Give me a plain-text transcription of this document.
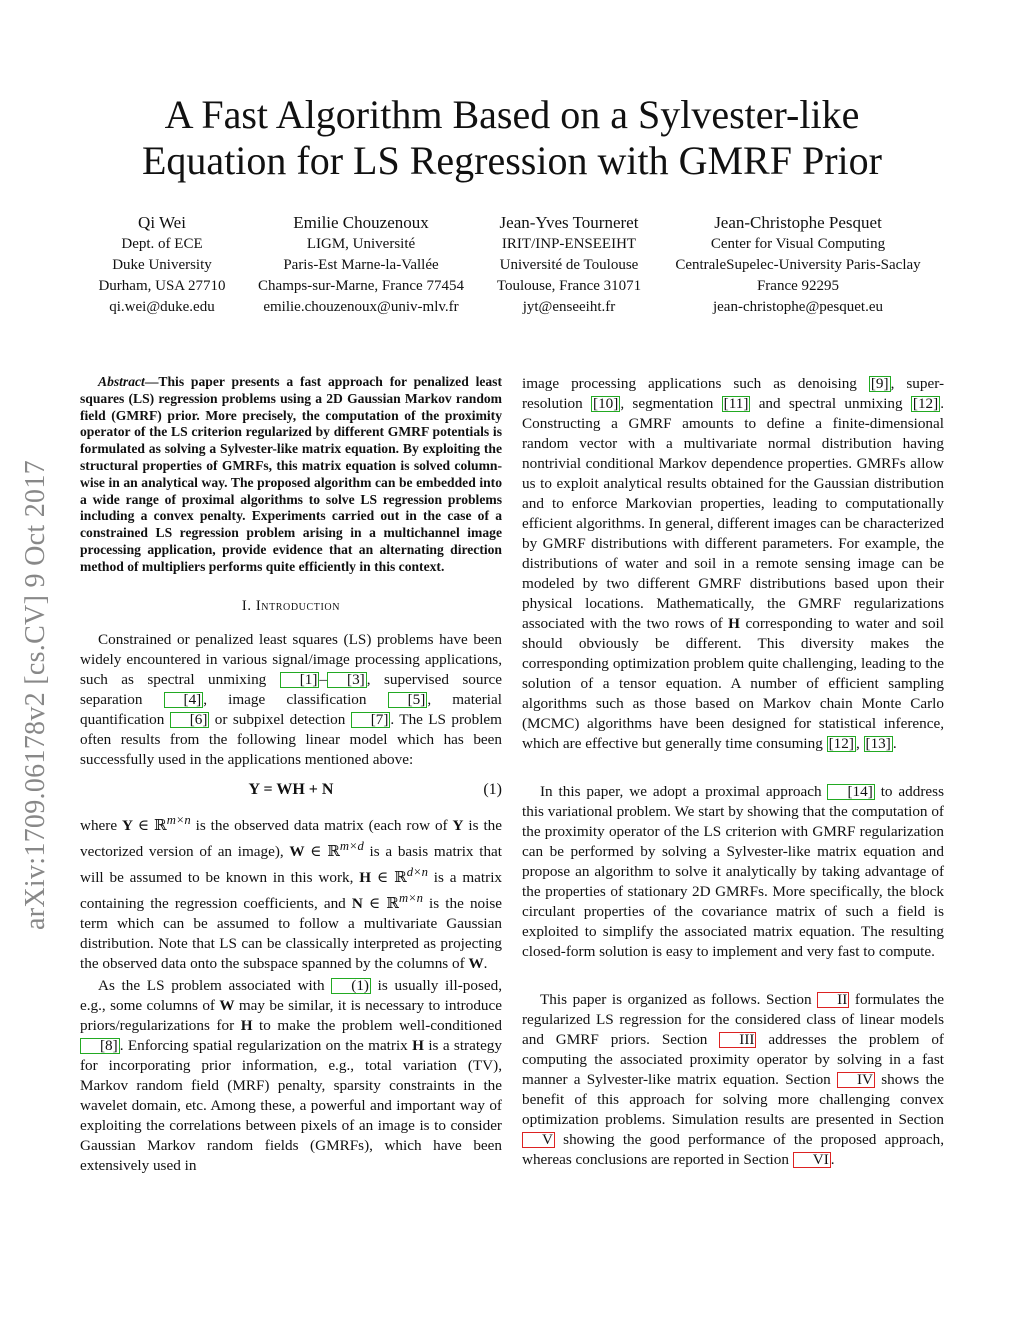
A Fast Algorithm Based on a Sylvester-like
Equation for LS Regression with GMRF Prior
Qi Wei
Dept. of ECE
Duke University
Durham, USA 27710
qi.wei@duke.edu
Emilie Chouzenoux
LIGM, Université
Paris-Est Marne-la-Vallée
Champs-sur-Marne, France 77454
emilie.chouzenoux@univ-mlv.fr
Jean-Yves Tourneret
IRIT/INP-ENSEEIHT
Université de Toulouse
Toulouse, France 31071
jyt@enseeiht.fr
Jean-Christophe Pesquet
Center for Visual Computing
CentraleSupelec-University Paris-Saclay
France 92295
jean-christophe@pesquet.eu
arXiv:1709.06178v2 [cs.CV] 9 Oct 2017
Abstract—This paper presents a fast approach for penalized least squares (LS) regression problems using a 2D Gaussian Markov random field (GMRF) prior. More precisely, the computation of the proximity operator of the LS criterion regularized by different GMRF potentials is formulated as solving a Sylvester-like matrix equation. By exploiting the structural properties of GMRFs, this matrix equation is solved column-wise in an analytical way. The proposed algorithm can be embedded into a wide range of proximal algorithms to solve LS regression problems including a convex penalty. Experiments carried out in the case of a constrained LS regression problem arising in a multichannel image processing application, provide evidence that an alternating direction method of multipliers performs quite efficiently in this context.
I. Introduction

Constrained or penalized least squares (LS) problems have been widely encountered in various signal/image processing applications, such as spectral unmixing [1] – [3] , supervised source separation [4] , image classification [5] , material quantification [6] or subpixel detection [7] . The LS problem often results from the following linear model which has been successfully used in the applications mentioned above:

Y = WH + N	(1)

where Y ∈ ℝ$^{m\times n}$ is the observed data matrix (each row of Y is the vectorized version of an image), W ∈ ℝ$^{m\times d}$ is a basis matrix that will be assumed to be known in this work, H ∈ ℝ$^{d\times n}$ is a matrix containing the regression coefficients, and N ∈ ℝ$^{m\times n}$ is the noise term which can be assumed to follow a multivariate Gaussian distribution. Note that LS can be classically interpreted as projecting the observed data onto the subspace spanned by the columns of W.

As the LS problem associated with (1) is usually ill-posed, e.g., some columns of W may be similar, it is necessary to introduce priors/regularizations for H to make the problem well-conditioned [8] . Enforcing spatial regularization on the matrix H is a strategy for incorporating prior information, e.g., total variation (TV), Markov random field (MRF) penalty, sparsity constraints in the wavelet domain, etc. Among these, a powerful and important way of exploiting the correlations between pixels of an image is to consider Gaussian Markov random fields (GMRFs), which have been extensively used in

image processing applications such as denoising [9] , super-resolution [10] , segmentation [11] and spectral unmixing [12] . Constructing a GMRF amounts to define a finite-dimensional random vector with a multivariate normal distribution having nontrivial conditional Markov dependence properties. GMRFs allow us to exploit analytical results obtained for the Gaussian distribution and to enforce Markovian properties, leading to computationally efficient algorithms. In general, different images can be characterized by GMRF distributions with different parameters. For example, the distributions of water and soil in a remote sensing image can be modeled by two different GMRF distributions based upon their physical locations. Mathematically, the GMRF regularizations associated with the two rows of H corresponding to water and soil should obviously be different. This diversity makes the corresponding optimization problem quite challenging, leading to the solution of a tensor equation. A number of efficient sampling algorithms such as those based on Markov chain Monte Carlo (MCMC) algorithms have been designed for statistical inference, which are effective but generally time consuming [12] , [13] .

In this paper, we adopt a proximal approach [14] to address this variational problem. We start by showing that the computation of the proximity operator of the LS criterion with GMRF regularization can be performed by solving a Sylvester-like matrix equation and propose an algorithm to solve it analytically by taking advantage of the properties of stationary 2D GMRFs. More specifically, the block circulant properties of the covariance matrix of such a field is exploited to simplify the associated matrix equation. The resulting closed-form solution is easy to implement and very fast to compute.

This paper is organized as follows. Section II formulates the regularized LS regression for the considered class of linear models and GMRF priors. Section III addresses the problem of computing the associated proximity operator by solving in a fast manner a Sylvester-like matrix equation. Section IV shows the benefit of this approach for solving more challenging convex optimization problems. Simulation results are presented in Section V showing the good performance of the proposed approach, whereas conclusions are reported in Section VI .
